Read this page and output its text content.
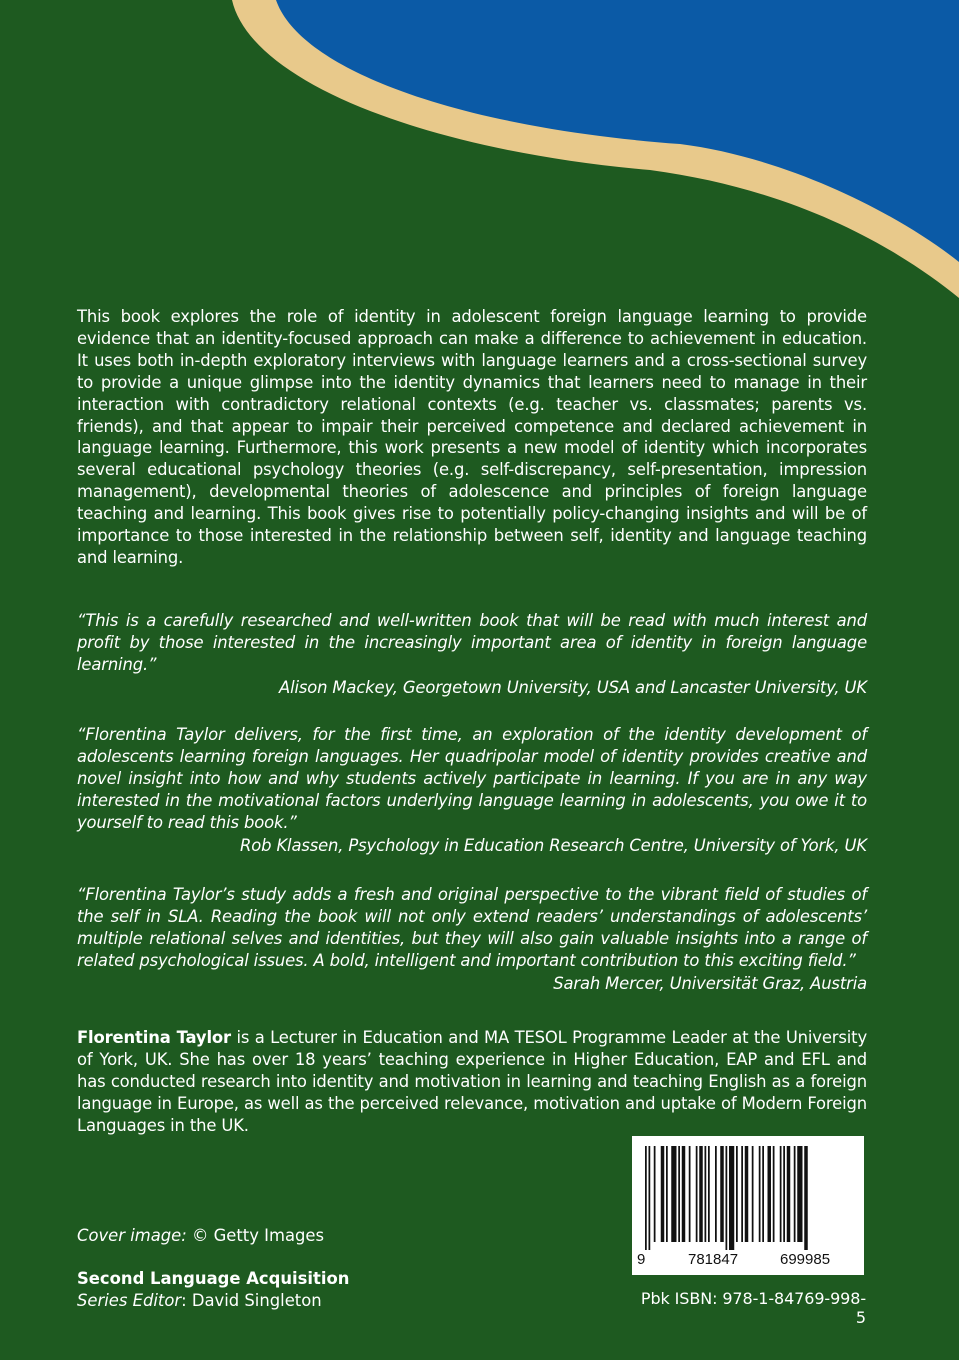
This book explores the role of identity in adolescent foreign language learning to provide evidence that an identity-focused approach can make a difference to achievement in education. It uses both in-depth exploratory interviews with language learners and a cross-sectional survey to provide a unique glimpse into the identity dynamics that learners need to manage in their interaction with contradictory relational contexts (e.g. teacher vs. classmates; parents vs. friends), and that appear to impair their perceived competence and declared achievement in language learning. Furthermore, this work presents a new model of identity which incorporates several educational psychology theories (e.g. self-discrepancy, self-presentation, impression management), developmental theories of adolescence and principles of foreign language teaching and learning. This book gives rise to potentially policy-changing insights and will be of importance to those interested in the relationship between self, identity and language teaching and learning.

“This is a carefully researched and well-written book that will be read with much interest and profit by those interested in the increasingly important area of identity in foreign language learning.”

Alison Mackey, Georgetown University, USA and Lancaster University, UK

“Florentina Taylor delivers, for the first time, an exploration of the identity development of adolescents learning foreign languages. Her quadripolar model of identity provides creative and novel insight into how and why students actively participate in learning. If you are in any way interested in the motivational factors underlying language learning in adolescents, you owe it to yourself to read this book.”

Rob Klassen, Psychology in Education Research Centre, University of York, UK

“Florentina Taylor’s study adds a fresh and original perspective to the vibrant field of studies of the self in SLA. Reading the book will not only extend readers’ understandings of adolescents’ multiple relational selves and identities, but they will also gain valuable insights into a range of related psychological issues. A bold, intelligent and important contribution to this exciting field.”

Sarah Mercer, Universität Graz, Austria

Florentina Taylor is a Lecturer in Education and MA TESOL Programme Leader at the University of York, UK. She has over 18 years’ teaching experience in Higher Education, EAP and EFL and has conducted research into identity and motivation in learning and teaching English as a foreign language in Europe, as well as the perceived relevance, motivation and uptake of Modern Foreign Languages in the UK.

9	781847	699985
Pbk ISBN: 978-1-84769-998-5
Cover image: © Getty Images
Second Language Acquisition
Series Editor: David Singleton
